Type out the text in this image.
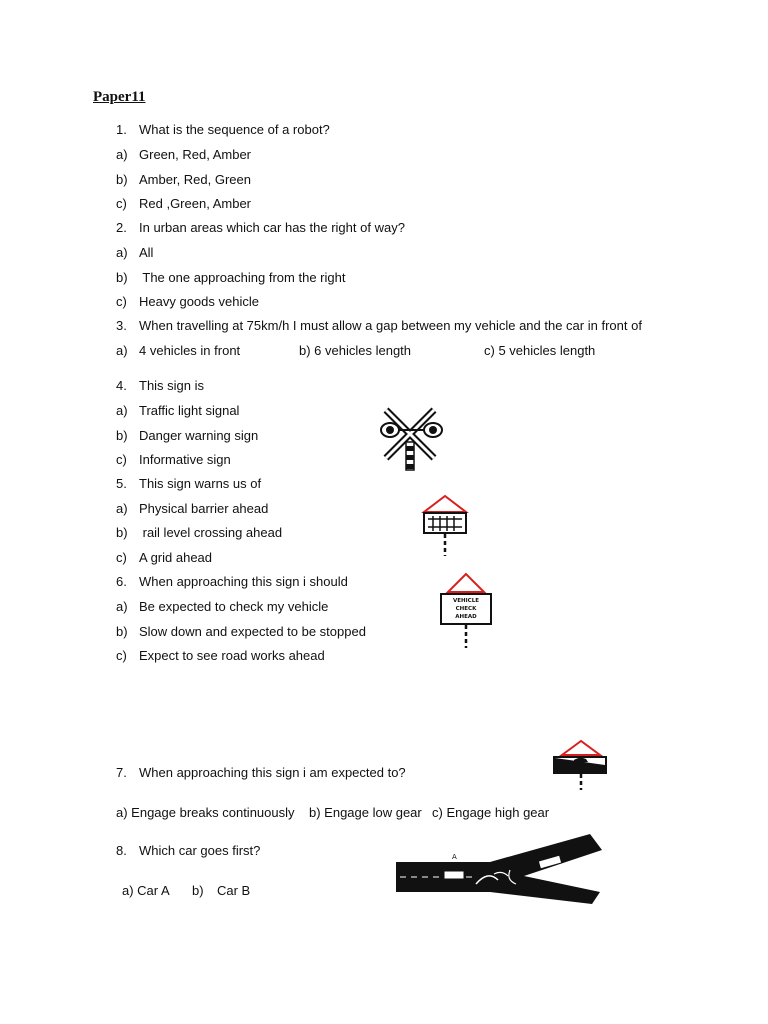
Paper11
1. What is the sequence of a robot?
a) Green, Red, Amber
b) Amber, Red, Green
c) Red ,Green, Amber
2. In urban areas which car has the right of way?
a) All
b) The one approaching from the right
c) Heavy goods vehicle
3. When travelling at 75km/h I must allow a gap between my vehicle and the car in front of
a) 4 vehicles in front	b) 6 vehicles length	c) 5 vehicles length
4. This sign is
a) Traffic light signal
b) Danger warning sign
c) Informative sign
5. This sign warns us of
a) Physical barrier ahead
b) rail level crossing ahead
c) A grid ahead
6. When approaching this sign i should
a) Be expected to check my vehicle
b) Slow down and expected to be stopped
c) Expect to see road works ahead
VEHICLE
CHECK
AHEAD
7. When approaching this sign i am expected to?
a) Engage breaks continuously b) Engage low gear c) Engage high gear
8. Which car goes first?
a) Car A b) Car B
A
B
